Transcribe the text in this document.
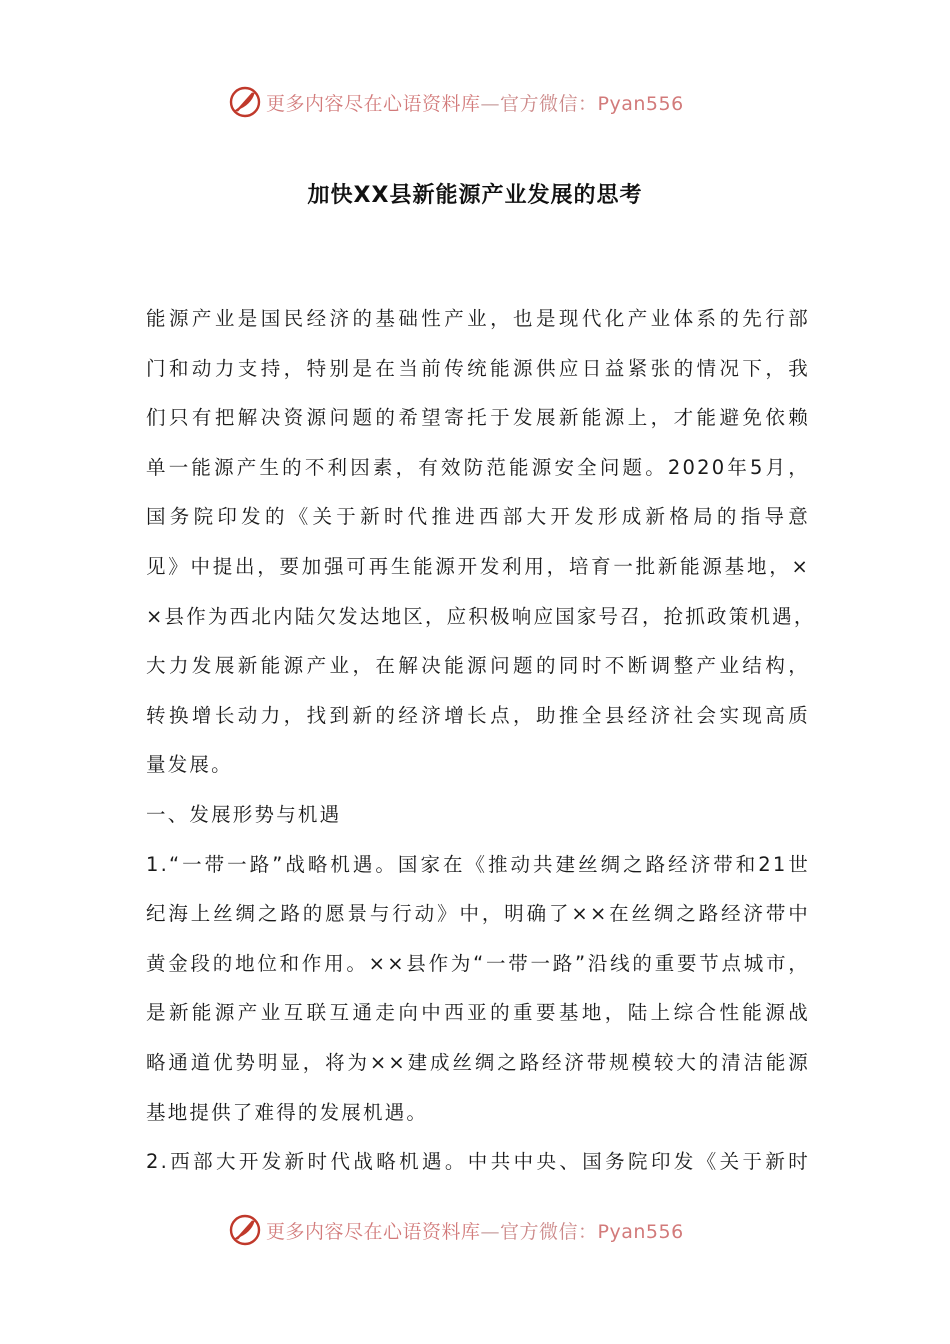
更多内容尽在心语资料库—官方微信：Pyan556
加快XX县新能源产业发展的思考
能源产业是国民经济的基础性产业，也是现代化产业体系的先行部
门和动力支持，特别是在当前传统能源供应日益紧张的情况下，我
们只有把解决资源问题的希望寄托于发展新能源上，才能避免依赖
单一能源产生的不利因素，有效防范能源安全问题。2020年5月，
国务院印发的《关于新时代推进西部大开发形成新格局的指导意
见》中提出，要加强可再生能源开发利用，培育一批新能源基地，×
×县作为西北内陆欠发达地区，应积极响应国家号召，抢抓政策机遇，
大力发展新能源产业，在解决能源问题的同时不断调整产业结构，
转换增长动力，找到新的经济增长点，助推全县经济社会实现高质
量发展。
一、发展形势与机遇
1.“一带一路”战略机遇。国家在《推动共建丝绸之路经济带和21世
纪海上丝绸之路的愿景与行动》中，明确了××在丝绸之路经济带中
黄金段的地位和作用。××县作为“一带一路”沿线的重要节点城市，
是新能源产业互联互通走向中西亚的重要基地，陆上综合性能源战
略通道优势明显，将为××建成丝绸之路经济带规模较大的清洁能源
基地提供了难得的发展机遇。
2.西部大开发新时代战略机遇。中共中央、国务院印发《关于新时
更多内容尽在心语资料库—官方微信：Pyan556
